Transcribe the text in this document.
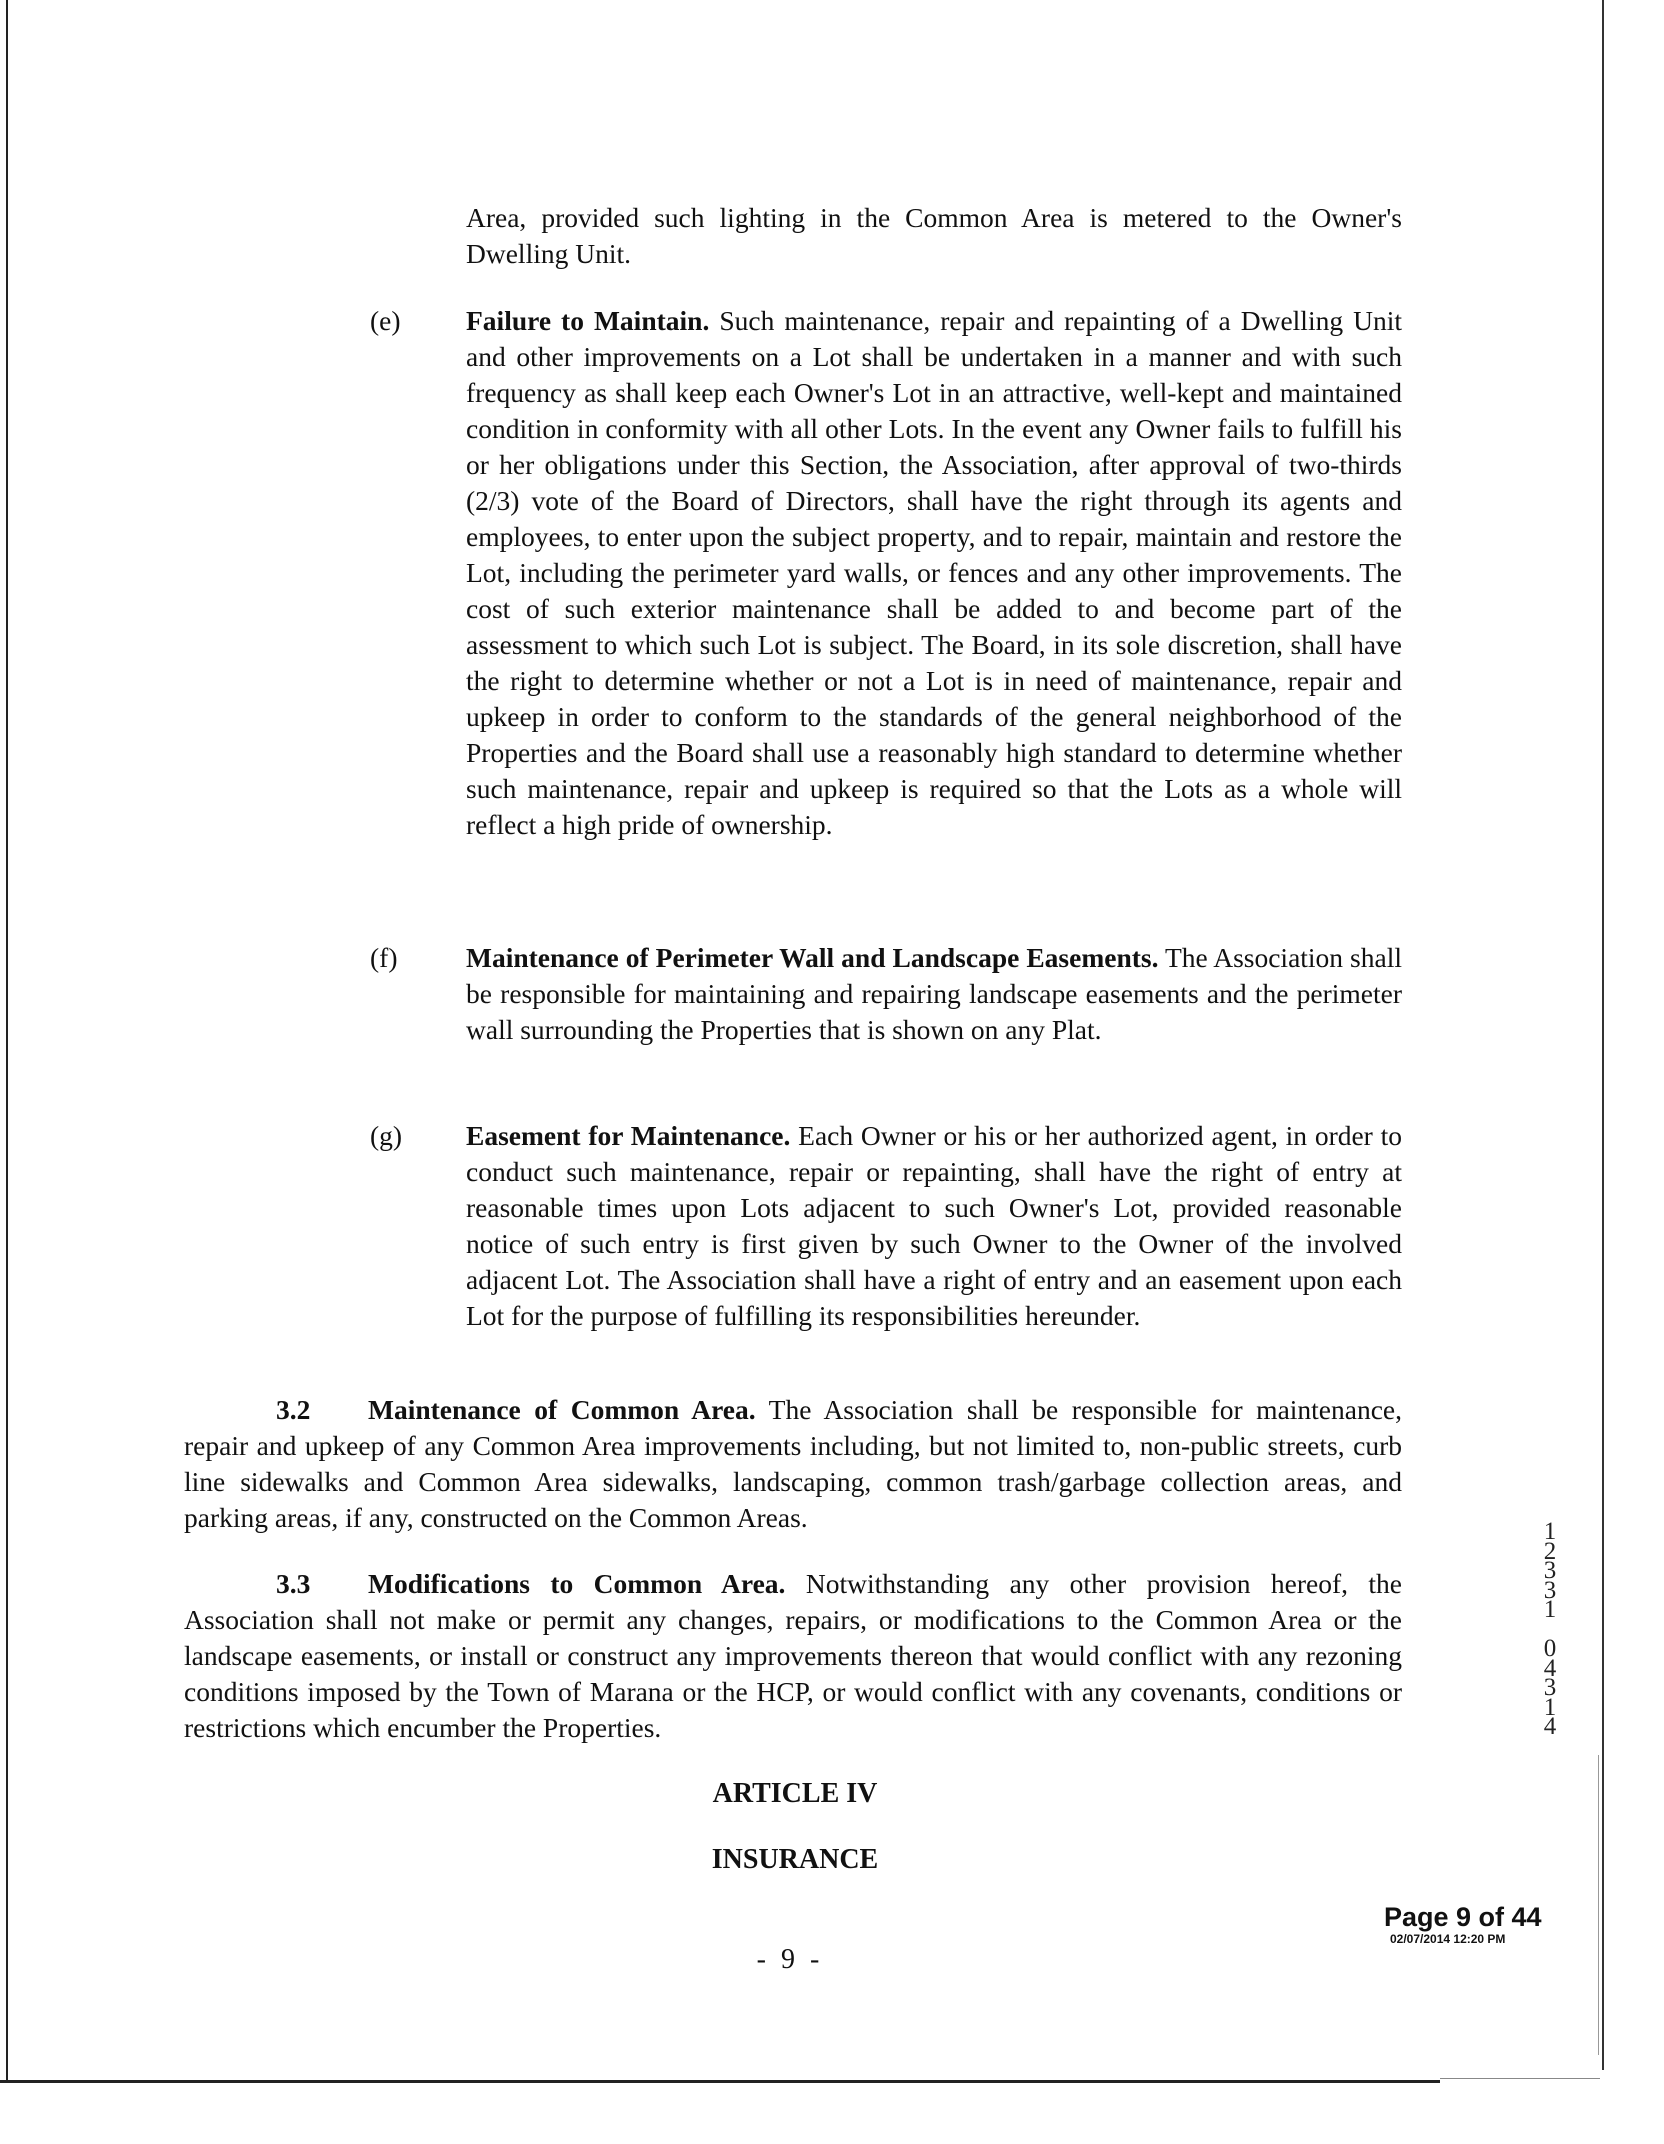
Area, provided such lighting in the Common Area is metered to the Owner's Dwelling Unit.
(e)	Failure to Maintain. Such maintenance, repair and repainting of a Dwelling Unit and other improvements on a Lot shall be undertaken in a manner and with such frequency as shall keep each Owner's Lot in an attractive, well-kept and maintained condition in conformity with all other Lots. In the event any Owner fails to fulfill his or her obligations under this Section, the Association, after approval of two-thirds (2/3) vote of the Board of Directors, shall have the right through its agents and employees, to enter upon the subject property, and to repair, maintain and restore the Lot, including the perimeter yard walls, or fences and any other improvements. The cost of such exterior maintenance shall be added to and become part of the assessment to which such Lot is subject. The Board, in its sole discretion, shall have the right to determine whether or not a Lot is in need of maintenance, repair and upkeep in order to conform to the standards of the general neighborhood of the Properties and the Board shall use a reasonably high standard to determine whether such maintenance, repair and upkeep is required so that the Lots as a whole will reflect a high pride of ownership.
(f)	Maintenance of Perimeter Wall and Landscape Easements. The Association shall be responsible for maintaining and repairing landscape easements and the perimeter wall surrounding the Properties that is shown on any Plat.
(g)	Easement for Maintenance. Each Owner or his or her authorized agent, in order to conduct such maintenance, repair or repainting, shall have the right of entry at reasonable times upon Lots adjacent to such Owner's Lot, provided reasonable notice of such entry is first given by such Owner to the Owner of the involved adjacent Lot. The Association shall have a right of entry and an easement upon each Lot for the purpose of fulfilling its responsibilities hereunder.
3.2 Maintenance of Common Area. The Association shall be responsible for maintenance, repair and upkeep of any Common Area improvements including, but not limited to, non-public streets, curb line sidewalks and Common Area sidewalks, landscaping, common trash/garbage collection areas, and parking areas, if any, constructed on the Common Areas.
3.3 Modifications to Common Area. Notwithstanding any other provision hereof, the Association shall not make or permit any changes, repairs, or modifications to the Common Area or the landscape easements, or install or construct any improvements thereon that would conflict with any rezoning conditions imposed by the Town of Marana or the HCP, or would conflict with any covenants, conditions or restrictions which encumber the Properties.
ARTICLE IV
INSURANCE
- 9 -
Page 9 of 44
02/07/2014 12:20 PM
1
2
3
3
1

0
4
3
1
4
